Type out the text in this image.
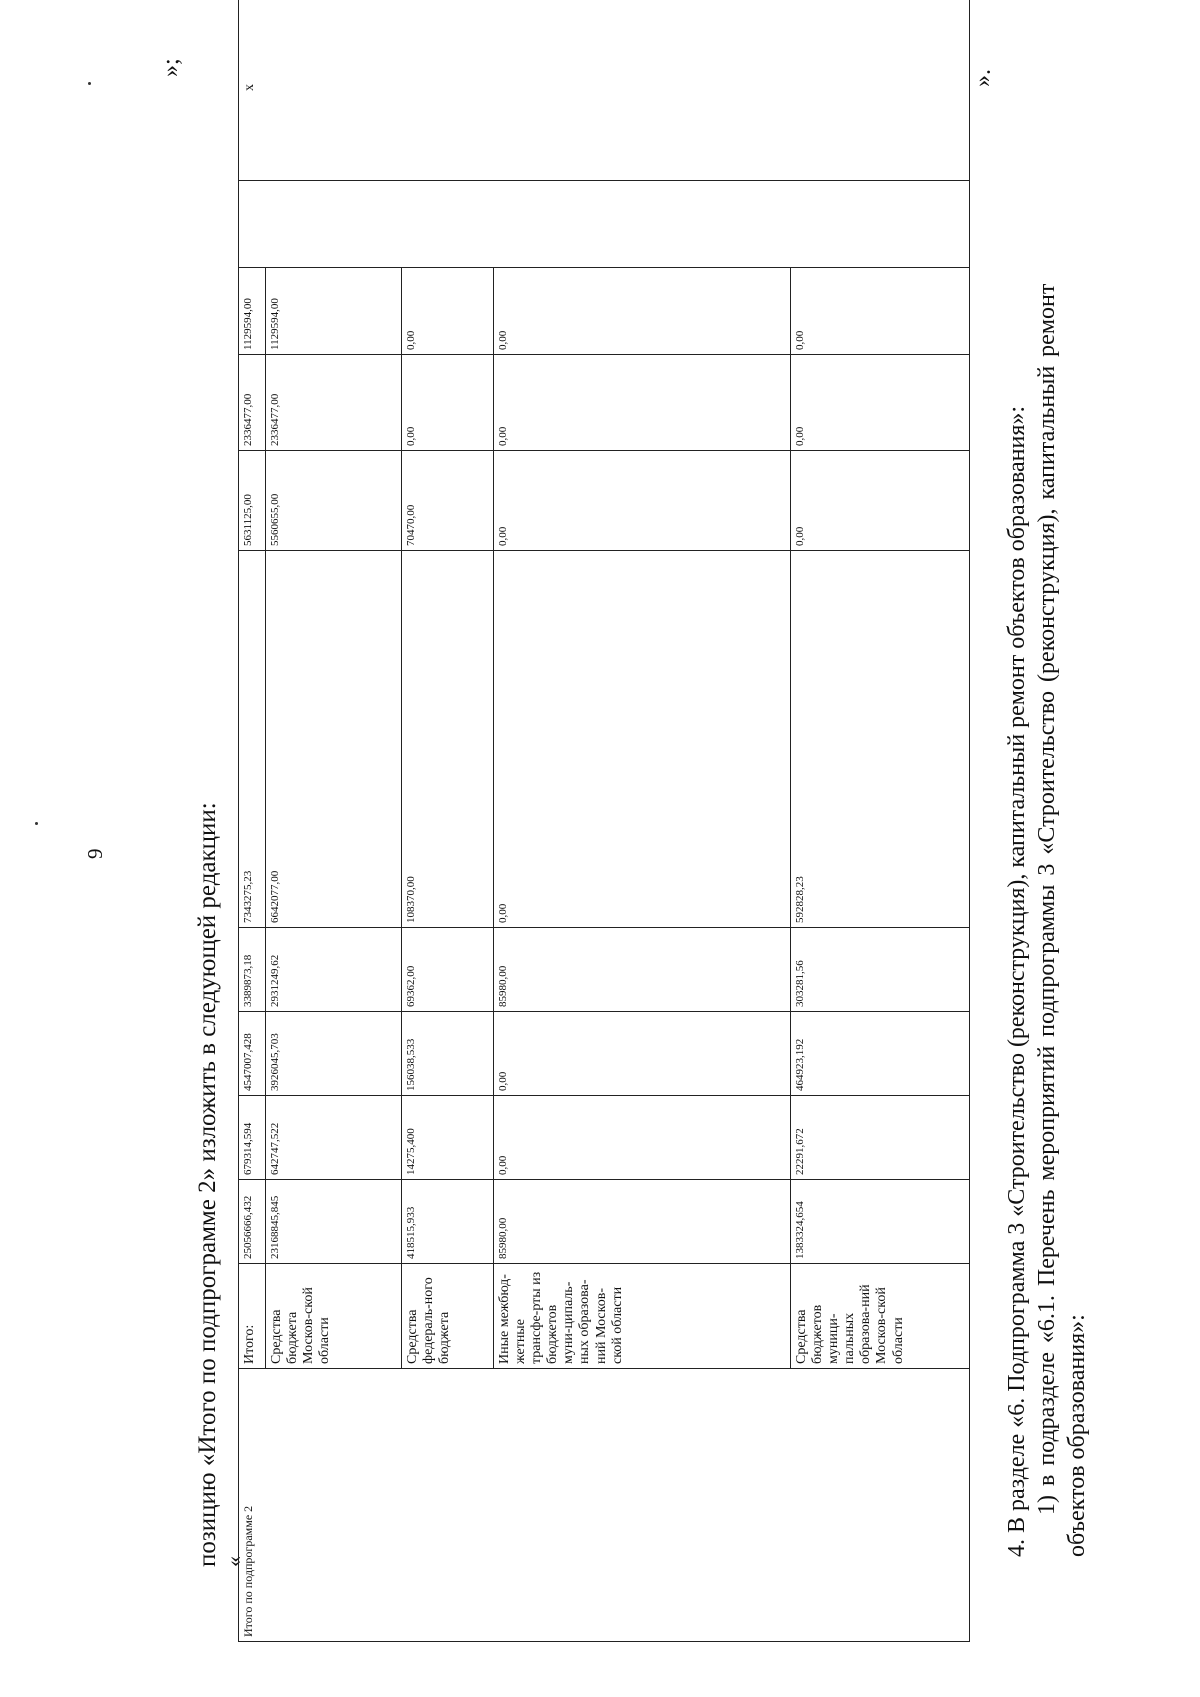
9
»;
позицию «Итого по подпрограмме 2» изложить в следующей редакции: «
Итого по подпрограмме 2	Итого:	25056666,432	679314,594	4547007,428	3389873,18	7343275,23	5631125,00	2336477,00	1129594,00		х
	Средства бюджета Москов-ской области	23168845,845	642747,522	3926045,703	2931249,62	6642077,00	5560655,00	2336477,00	1129594,00		
	Средства федераль-ного бюджета	418515,933	14275,400	156038,533	69362,00	108370,00	70470,00	0,00	0,00		
	Иные межбюд-жетные трансфе-рты из бюджетов муни-ципаль-ных образова-ний Москов-ской области	85980,00	0,00	0,00	85980,00	0,00	0,00	0,00	0,00		
	Средства бюджетов муници-пальных образова-ний Москов-ской области	1383324,654	22291,672	464923,192	303281,56	592828,23	0,00	0,00	0,00		
».
4. В разделе «6. Подпрограмма 3 «Строительство (реконструкция), капитальный ремонт объектов образования»: 1) в подразделе «6.1. Перечень мероприятий подпрограммы 3 «Строительство (реконструкция), капитальный ремонт объектов образования»:
